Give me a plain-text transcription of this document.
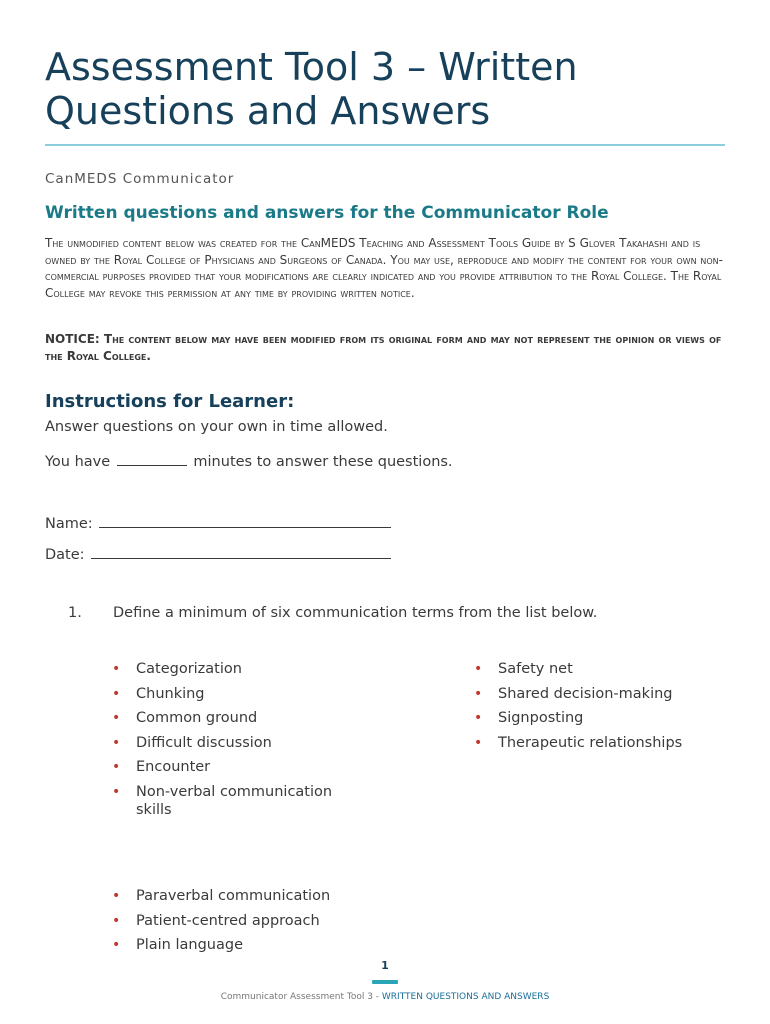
Assessment Tool 3 – Written
Questions and Answers
CanMEDS Communicator
Written questions and answers for the Communicator Role
The unmodified content below was created for the CanMEDS Teaching and Assessment Tools Guide by S Glover Takahashi and is owned by the Royal College of Physicians and Surgeons of Canada. You may use, reproduce and modify the content for your own non-commercial purposes provided that your modifications are clearly indicated and you provide attribution to the Royal College. The Royal College may revoke this permission at any time by providing written notice.
NOTICE: The content below may have been modified from its original form and may not represent the opinion or views of the Royal College.
Instructions for Learner:
Answer questions on your own in time allowed.
You have	minutes to answer these questions.
Name:
Date:
1. Define a minimum of six communication terms from the list below.
• Categorization
• Chunking
• Common ground
• Difficult discussion
• Encounter
• Non-verbal communication skills
• Paraverbal communication
• Patient-centred approach
• Plain language
• Safety net
• Shared decision-making
• Signposting
• Therapeutic relationships
1
Communicator Assessment Tool 3 - WRITTEN QUESTIONS AND ANSWERS
